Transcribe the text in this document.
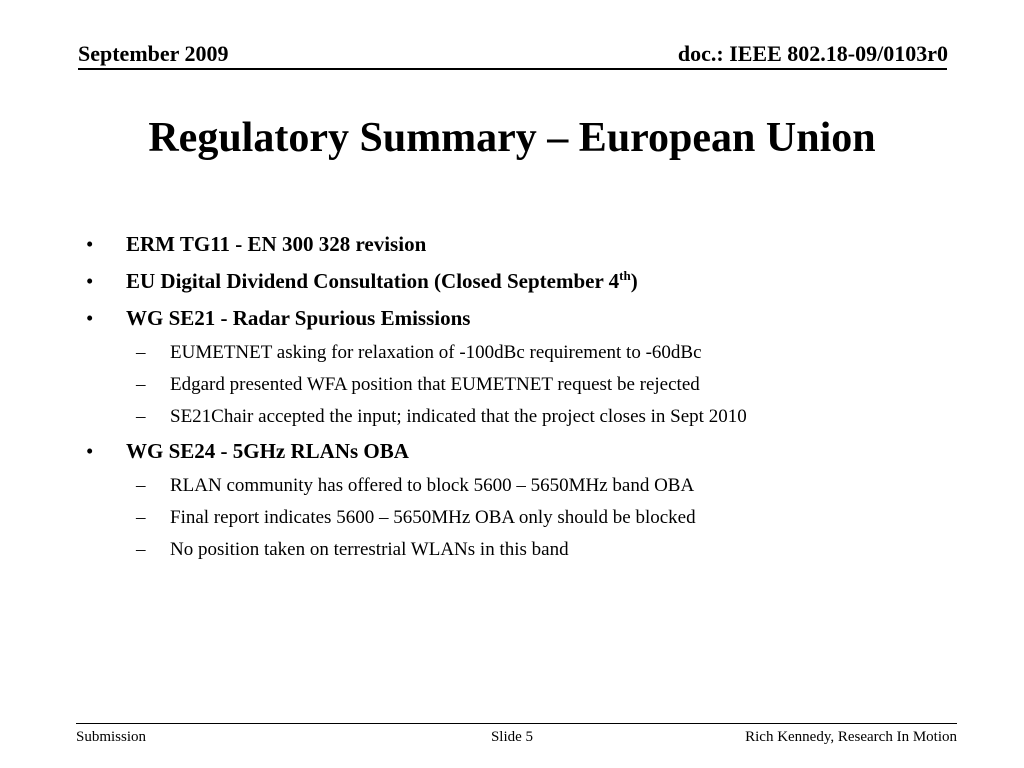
September 2009	doc.: IEEE 802.18-09/0103r0
Regulatory Summary – European Union
• ERM TG11 - EN 300 328 revision
• EU Digital Dividend Consultation (Closed September 4th)
• WG SE21 - Radar Spurious Emissions
– EUMETNET asking for relaxation of -100dBc requirement to -60dBc
– Edgard presented WFA position that EUMETNET request be rejected
– SE21Chair accepted the input; indicated that the project closes in Sept 2010
• WG SE24 - 5GHz RLANs OBA
– RLAN community has offered to block 5600 – 5650MHz band OBA
– Final report indicates 5600 – 5650MHz OBA only should be blocked
– No position taken on terrestrial WLANs in this band
Submission	Slide 5	Rich Kennedy, Research In Motion
